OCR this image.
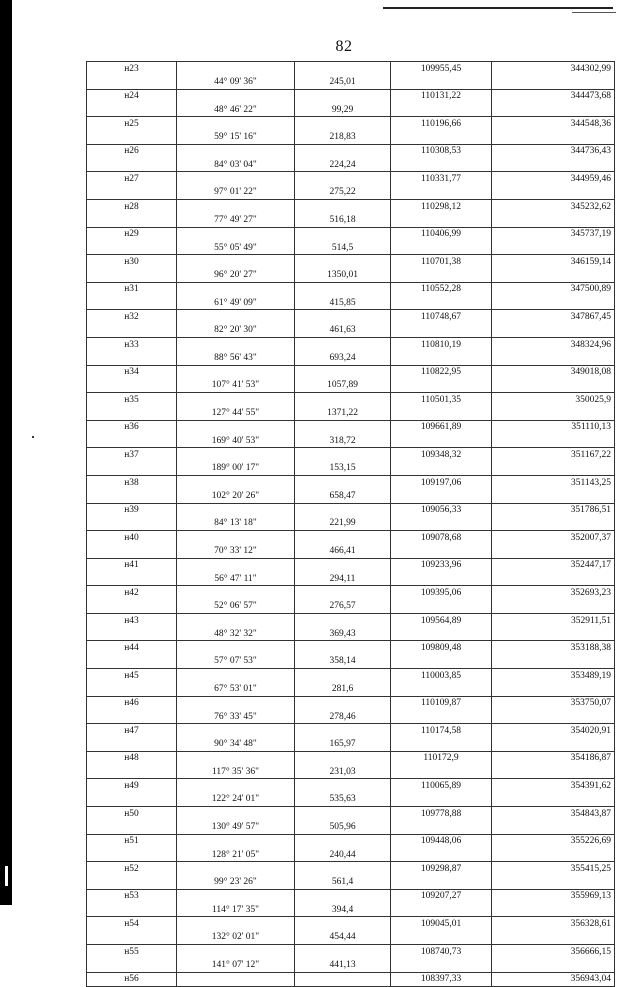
82
н23			109955,45	344302,99
	44° 09' 36"	245,01		
н24			110131,22	344473,68
	48° 46' 22"	99,29		
н25			110196,66	344548,36
	59° 15' 16"	218,83		
н26			110308,53	344736,43
	84° 03' 04"	224,24		
н27			110331,77	344959,46
	97° 01' 22"	275,22		
н28			110298,12	345232,62
	77° 49' 27"	516,18		
н29			110406,99	345737,19
	55° 05' 49"	514,5		
н30			110701,38	346159,14
	96° 20' 27"	1350,01		
н31			110552,28	347500,89
	61° 49' 09"	415,85		
н32			110748,67	347867,45
	82° 20' 30"	461,63		
н33			110810,19	348324,96
	88° 56' 43"	693,24		
н34			110822,95	349018,08
	107° 41' 53"	1057,89		
н35			110501,35	350025,9
	127° 44' 55"	1371,22		
н36			109661,89	351110,13
	169° 40' 53"	318,72		
н37			109348,32	351167,22
	189° 00' 17"	153,15		
н38			109197,06	351143,25
	102° 20' 26"	658,47		
н39			109056,33	351786,51
	84° 13' 18"	221,99		
н40			109078,68	352007,37
	70° 33' 12"	466,41		
н41			109233,96	352447,17
	56° 47' 11"	294,11		
н42			109395,06	352693,23
	52° 06' 57"	276,57		
н43			109564,89	352911,51
	48° 32' 32"	369,43		
н44			109809,48	353188,38
	57° 07' 53"	358,14		
н45			110003,85	353489,19
	67° 53' 01"	281,6		
н46			110109,87	353750,07
	76° 33' 45"	278,46		
н47			110174,58	354020,91
	90° 34' 48"	165,97		
н48			110172,9	354186,87
	117° 35' 36"	231,03		
н49			110065,89	354391,62
	122° 24' 01"	535,63		
н50			109778,88	354843,87
	130° 49' 57"	505,96		
н51			109448,06	355226,69
	128° 21' 05"	240,44		
н52			109298,87	355415,25
	99° 23' 26"	561,4		
н53			109207,27	355969,13
	114° 17' 35"	394,4		
н54			109045,01	356328,61
	132° 02' 01"	454,44		
н55			108740,73	356666,15
	141° 07' 12"	441,13		
н56			108397,33	356943,04
